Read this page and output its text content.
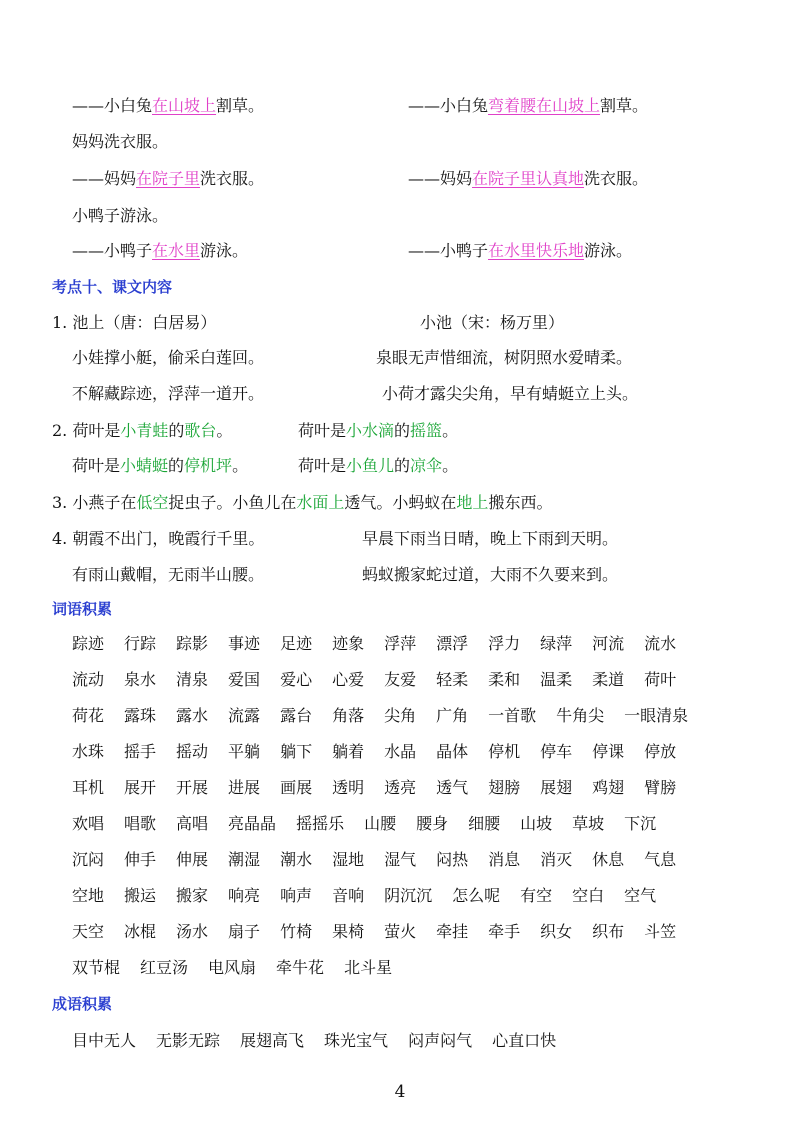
——小白兔在山坡上割草。	——小白兔弯着腰在山坡上割草。
妈妈洗衣服。
——妈妈在院子里洗衣服。	——妈妈在院子里认真地洗衣服。
小鸭子游泳。
——小鸭子在水里游泳。	——小鸭子在水里快乐地游泳。
考点十、课文内容
1. 池上（唐：白居易）	小池（宋：杨万里）
小娃撑小艇，偷采白莲回。	泉眼无声惜细流，树阴照水爱晴柔。
不解藏踪迹，浮萍一道开。	小荷才露尖尖角，早有蜻蜓立上头。
2. 荷叶是小青蛙的歌台。	荷叶是小水滴的摇篮。
荷叶是小蜻蜓的停机坪。	荷叶是小鱼儿的凉伞。
3. 小燕子在低空捉虫子。小鱼儿在水面上透气。小蚂蚁在地上搬东西。
4. 朝霞不出门，晚霞行千里。	早晨下雨当日晴，晚上下雨到天明。
有雨山戴帽，无雨半山腰。	蚂蚁搬家蛇过道，大雨不久要来到。
词语积累
踪迹 行踪 踪影 事迹 足迹 迹象 浮萍 漂浮 浮力 绿萍 河流 流水
流动 泉水 清泉 爱国 爱心 心爱 友爱 轻柔 柔和 温柔 柔道 荷叶
荷花 露珠 露水 流露 露台 角落 尖角 广角 一首歌 牛角尖 一眼清泉
水珠 摇手 摇动 平躺 躺下 躺着 水晶 晶体 停机 停车 停课 停放
耳机 展开 开展 进展 画展 透明 透亮 透气 翅膀 展翅 鸡翅 臂膀
欢唱 唱歌 高唱 亮晶晶 摇摇乐 山腰 腰身 细腰 山坡 草坡 下沉
沉闷 伸手 伸展 潮湿 潮水 湿地 湿气 闷热 消息 消灭 休息 气息
空地 搬运 搬家 响亮 响声 音响 阴沉沉 怎么呢 有空 空白 空气
天空 冰棍 汤水 扇子 竹椅 果椅 萤火 牵挂 牵手 织女 织布 斗笠
双节棍 红豆汤 电风扇 牵牛花 北斗星
成语积累
目中无人 无影无踪 展翅高飞 珠光宝气 闷声闷气 心直口快
4
